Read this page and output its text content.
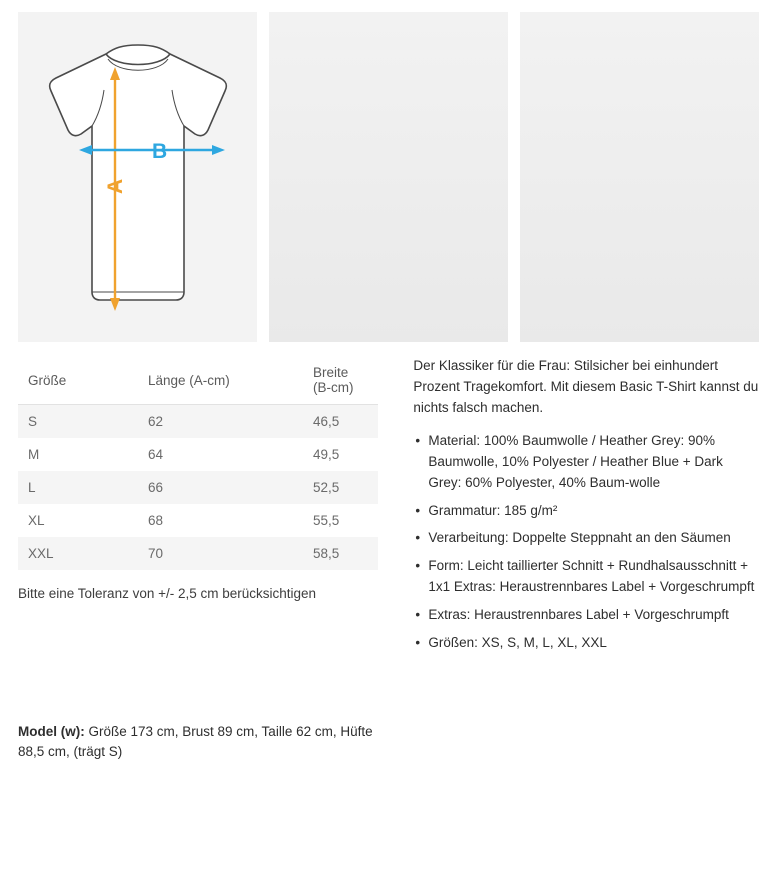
A
B
Größe	Länge (A-cm)	Breite (B-cm)
S	62	46,5
M	64	49,5
L	66	52,5
XL	68	55,5
XXL	70	58,5
Bitte eine Toleranz von +/- 2,5 cm berücksichtigen
Model (w): Größe 173 cm, Brust 89 cm, Taille 62 cm, Hüfte 88,5 cm, (trägt S)

Der Klassiker für die Frau: Stilsicher bei einhundert Prozent Tragekomfort. Mit diesem Basic T-Shirt kannst du nichts falsch machen.

• Material: 100% Baumwolle / Heather Grey: 90% Baumwolle, 10% Polyester / Heather Blue + Dark Grey: 60% Polyester, 40% Baum-wolle
• Grammatur: 185 g/m²
• Verarbeitung: Doppelte Steppnaht an den Säumen
• Form: Leicht taillierter Schnitt + Rundhalsausschnitt + 1x1 Extras: Heraustrennbares Label + Vorgeschrumpft
• Extras: Heraustrennbares Label + Vorgeschrumpft
• Größen: XS, S, M, L, XL, XXL
